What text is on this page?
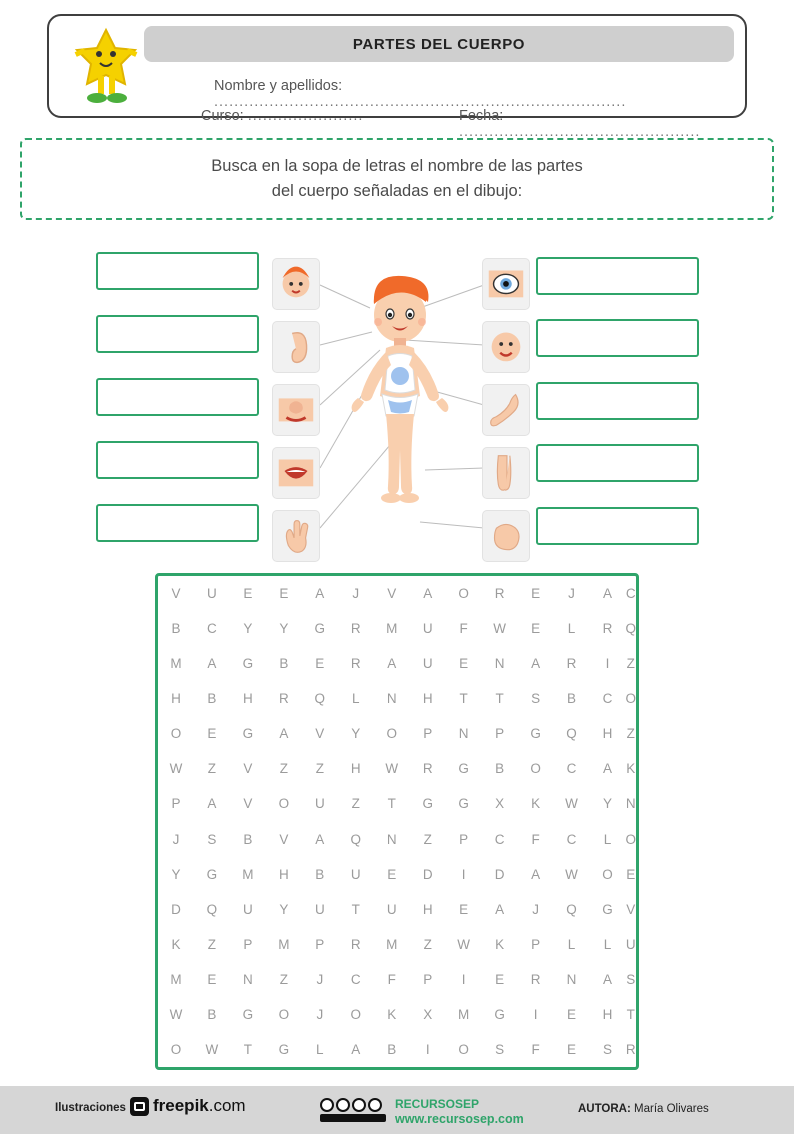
PARTES DEL CUERPO
Nombre y apellidos: ..................................................................................
Curso: .......................	Fecha: ................................................
Busca en la sopa de letras el nombre de las partes
del cuerpo señaladas en el dibujo:
V U E E A J V A O R E J A C
B C Y Y G R M U F W E L R Q
M A G B E R A U E N A R I Z
H B H R Q L N H T T S B C O
O E G A V Y O P N P G Q H Z
W Z V Z Z H W R G B O C A K
P A V O U Z T G G X K W Y N
J S B V A Q N Z P C F C L O
Y G M H B U E D I D A W O E
D Q U Y U T U H E A J Q G V
K Z P M P R M Z W K P L L U
M E N Z J C F P I E R N A S
W B G O J O K X M G I E H T
O W T G L A B I O S F E S R
Ilustraciones freepik.com	RECURSOSEP
www.recursosep.com
AUTORA: María Olivares
